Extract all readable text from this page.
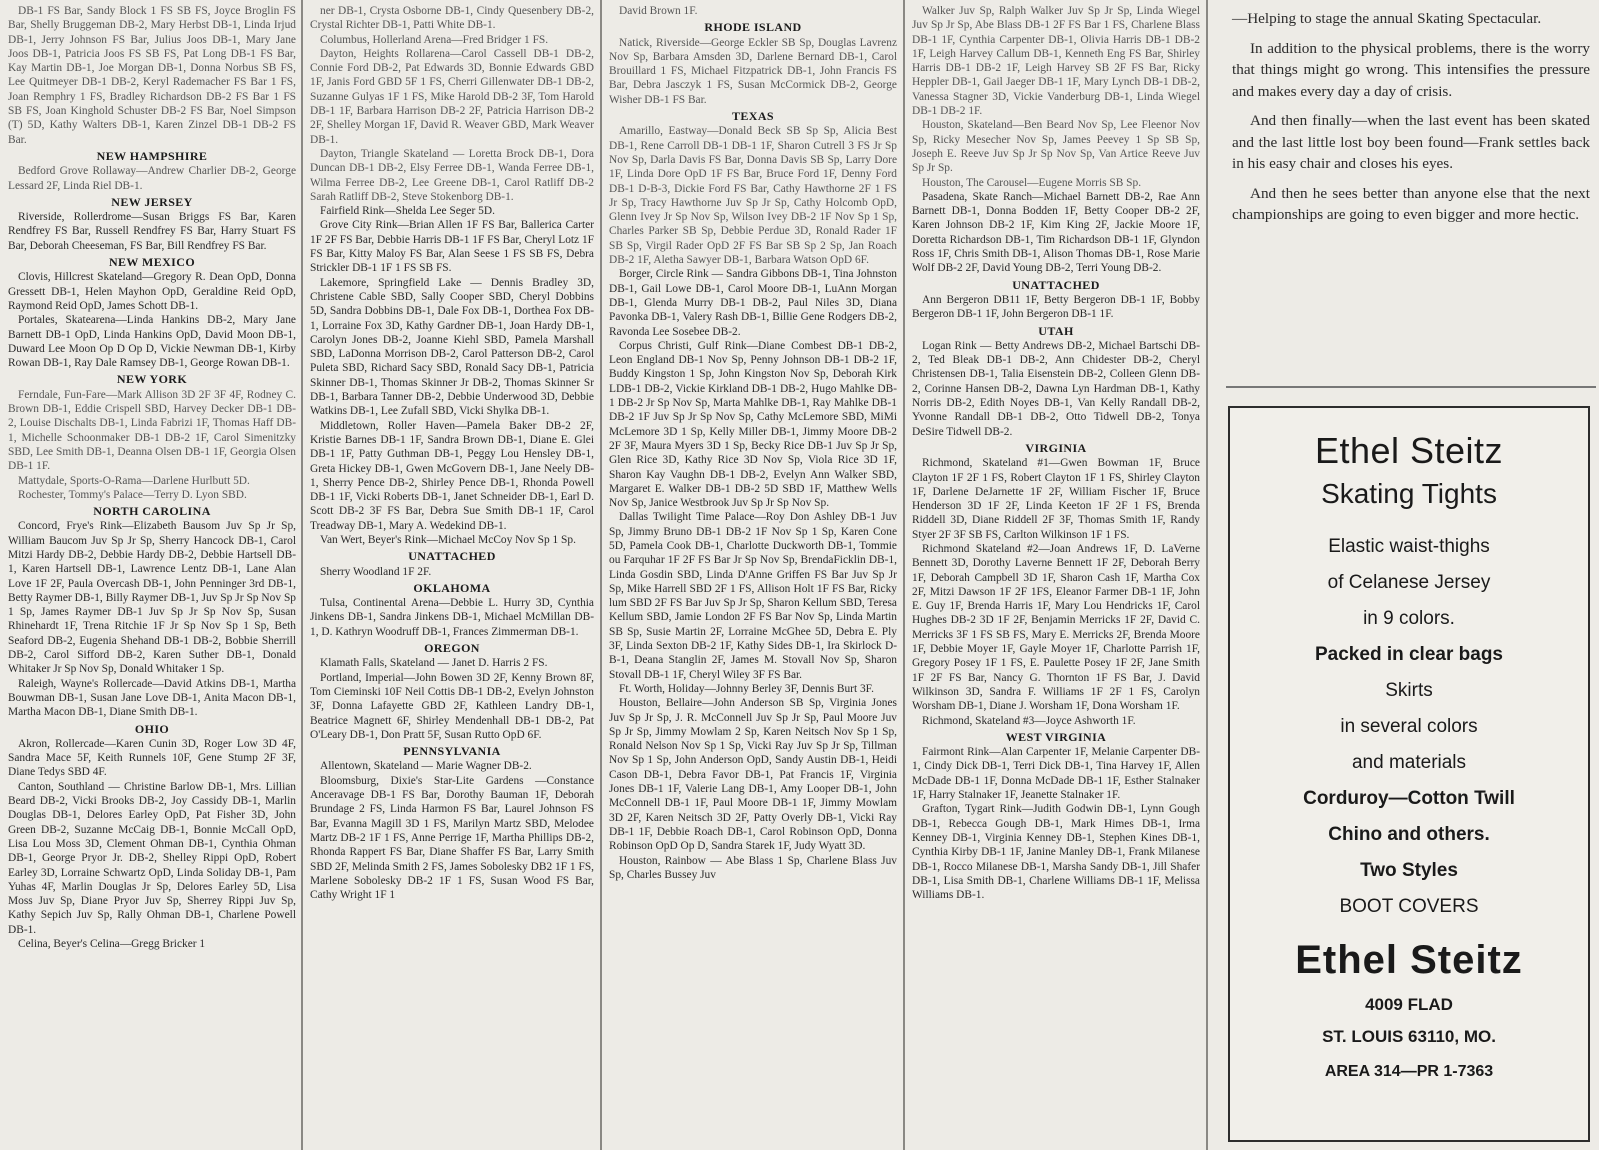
DB-1 FS Bar, Sandy Block 1 FS SB FS, Joyce Broglin FS Bar, Shelly Bruggeman DB-2, Mary Herbst DB-1, Linda Irjud DB-1, Jerry Johnson FS Bar, Julius Joos DB-1, Mary Jane Joos DB-1, Patricia Joos FS SB FS, Pat Long DB-1 FS Bar, Kay Martin DB-1, Joe Morgan DB-1, Donna Norbus SB FS, Lee Quitmeyer DB-1 DB-2, Keryl Rademacher FS Bar 1 FS, Joan Remphry 1 FS, Bradley Richardson DB-2 FS Bar 1 FS SB FS, Joan Kinghold Schuster DB-2 FS Bar, Noel Simpson (T) 5D, Kathy Walters DB-1, Karen Zinzel DB-1 DB-2 FS Bar.

NEW HAMPSHIRE

Bedford Grove Rollaway—Andrew Charlier DB-2, George Lessard 2F, Linda Riel DB-1.

NEW JERSEY

Riverside, Rollerdrome—Susan Briggs FS Bar, Karen Rendfrey FS Bar, Russell Rendfrey FS Bar, Harry Stuart FS Bar, Deborah Cheeseman, FS Bar, Bill Rendfrey FS Bar.

NEW MEXICO

Clovis, Hillcrest Skateland—Gregory R. Dean OpD, Donna Gressett DB-1, Helen Mayhon OpD, Geraldine Reid OpD, Raymond Reid OpD, James Schott DB-1.

Portales, Skatearena—Linda Hankins DB-2, Mary Jane Barnett DB-1 OpD, Linda Hankins OpD, David Moon DB-1, Duward Lee Moon Op D Op D, Vickie Newman DB-1, Kirby Rowan DB-1, Ray Dale Ramsey DB-1, George Rowan DB-1.

NEW YORK

Ferndale, Fun-Fare—Mark Allison 3D 2F 3F 4F, Rodney C. Brown DB-1, Eddie Crispell SBD, Harvey Decker DB-1 DB-2, Louise Dischalts DB-1, Linda Fabrizi 1F, Thomas Haff DB-1, Michelle Schoonmaker DB-1 DB-2 1F, Carol Simenitzky SBD, Lee Smith DB-1, Deanna Olsen DB-1 1F, Georgia Olsen DB-1 1F.

Mattydale, Sports-O-Rama—Darlene Hurlbutt 5D.

Rochester, Tommy's Palace—Terry D. Lyon SBD.

NORTH CAROLINA

Concord, Frye's Rink—Elizabeth Bausom Juv Sp Jr Sp, William Baucom Juv Sp Jr Sp, Sherry Hancock DB-1, Carol Mitzi Hardy DB-2, Debbie Hardy DB-2, Debbie Hartsell DB-1, Karen Hartsell DB-1, Lawrence Lentz DB-1, Lane Alan Love 1F 2F, Paula Overcash DB-1, John Penninger 3rd DB-1, Betty Raymer DB-1, Billy Raymer DB-1, Juv Sp Jr Sp Nov Sp 1 Sp, James Raymer DB-1 Juv Sp Jr Sp Nov Sp, Susan Rhinehardt 1F, Trena Ritchie 1F Jr Sp Nov Sp 1 Sp, Beth Seaford DB-2, Eugenia Shehand DB-1 DB-2, Bobbie Sherrill DB-2, Carol Sifford DB-2, Karen Suther DB-1, Donald Whitaker Jr Sp Nov Sp, Donald Whitaker 1 Sp.

Raleigh, Wayne's Rollercade—David Atkins DB-1, Martha Bouwman DB-1, Susan Jane Love DB-1, Anita Macon DB-1, Martha Macon DB-1, Diane Smith DB-1.

OHIO

Akron, Rollercade—Karen Cunin 3D, Roger Low 3D 4F, Sandra Mace 5F, Keith Runnels 10F, Gene Stump 2F 3F, Diane Tedys SBD 4F.

Canton, Southland — Christine Barlow DB-1, Mrs. Lillian Beard DB-2, Vicki Brooks DB-2, Joy Cassidy DB-1, Marlin Douglas DB-1, Delores Earley OpD, Pat Fisher 3D, John Green DB-2, Suzanne McCaig DB-1, Bonnie McCall OpD, Lisa Lou Moss 3D, Clement Ohman DB-1, Cynthia Ohman DB-1, George Pryor Jr. DB-2, Shelley Rippi OpD, Robert Earley 3D, Lorraine Schwartz OpD, Linda Soliday DB-1, Pam Yuhas 4F, Marlin Douglas Jr Sp, Delores Earley 5D, Lisa Moss Juv Sp, Diane Pryor Juv Sp, Sherrey Rippi Juv Sp, Kathy Sepich Juv Sp, Rally Ohman DB-1, Charlene Powell DB-1.

Celina, Beyer's Celina—Gregg Bricker 1

ner DB-1, Crysta Osborne DB-1, Cindy Quesenbery DB-2, Crystal Richter DB-1, Patti White DB-1.

Columbus, Hollerland Arena—Fred Bridger 1 FS.

Dayton, Heights Rollarena—Carol Cassell DB-1 DB-2, Connie Ford DB-2, Pat Edwards 3D, Bonnie Edwards GBD 1F, Janis Ford GBD 5F 1 FS, Cherri Gillenwater DB-1 DB-2, Suzanne Gulyas 1F 1 FS, Mike Harold DB-2 3F, Tom Harold DB-1 1F, Barbara Harrison DB-2 2F, Patricia Harrison DB-2 2F, Shelley Morgan 1F, David R. Weaver GBD, Mark Weaver DB-1.

Dayton, Triangle Skateland — Loretta Brock DB-1, Dora Duncan DB-1 DB-2, Elsy Ferree DB-1, Wanda Ferree DB-1, Wilma Ferree DB-2, Lee Greene DB-1, Carol Ratliff DB-2 Sarah Ratliff DB-2, Steve Stokenborg DB-1.

Fairfield Rink—Shelda Lee Seger 5D.

Grove City Rink—Brian Allen 1F FS Bar, Ballerica Carter 1F 2F FS Bar, Debbie Harris DB-1 1F FS Bar, Cheryl Lotz 1F FS Bar, Kitty Maloy FS Bar, Alan Seese 1 FS SB FS, Debra Strickler DB-1 1F 1 FS SB FS.

Lakemore, Springfield Lake — Dennis Bradley 3D, Christene Cable SBD, Sally Cooper SBD, Cheryl Dobbins 5D, Sandra Dobbins DB-1, Dale Fox DB-1, Dorthea Fox DB-1, Lorraine Fox 3D, Kathy Gardner DB-1, Joan Hardy DB-1, Carolyn Jones DB-2, Joanne Kiehl SBD, Pamela Marshall SBD, LaDonna Morrison DB-2, Carol Patterson DB-2, Carol Puleta SBD, Richard Sacy SBD, Ronald Sacy DB-1, Patricia Skinner DB-1, Thomas Skinner Jr DB-2, Thomas Skinner Sr DB-1, Barbara Tanner DB-2, Debbie Underwood 3D, Debbie Watkins DB-1, Lee Zufall SBD, Vicki Shylka DB-1.

Middletown, Roller Haven—Pamela Baker DB-2 2F, Kristie Barnes DB-1 1F, Sandra Brown DB-1, Diane E. Glei DB-1 1F, Patty Guthman DB-1, Peggy Lou Hensley DB-1, Greta Hickey DB-1, Gwen McGovern DB-1, Jane Neely DB-1, Sherry Pence DB-2, Shirley Pence DB-1, Rhonda Powell DB-1 1F, Vicki Roberts DB-1, Janet Schneider DB-1, Earl D. Scott DB-2 3F FS Bar, Debra Sue Smith DB-1 1F, Carol Treadway DB-1, Mary A. Wedekind DB-1.

Van Wert, Beyer's Rink—Michael McCoy Nov Sp 1 Sp.

UNATTACHED

Sherry Woodland 1F 2F.

OKLAHOMA

Tulsa, Continental Arena—Debbie L. Hurry 3D, Cynthia Jinkens DB-1, Sandra Jinkens DB-1, Michael McMillan DB-1, D. Kathryn Woodruff DB-1, Frances Zimmerman DB-1.

OREGON

Klamath Falls, Skateland — Janet D. Harris 2 FS.

Portland, Imperial—John Bowen 3D 2F, Kenny Brown 8F, Tom Cieminski 10F Neil Cottis DB-1 DB-2, Evelyn Johnston 3F, Donna Lafayette GBD 2F, Kathleen Landry DB-1, Beatrice Magnett 6F, Shirley Mendenhall DB-1 DB-2, Pat O'Leary DB-1, Don Pratt 5F, Susan Rutto OpD 6F.

PENNSYLVANIA

Allentown, Skateland — Marie Wagner DB-2.

Bloomsburg, Dixie's Star-Lite Gardens —Constance Anceravage DB-1 FS Bar, Dorothy Bauman 1F, Deborah Brundage 2 FS, Linda Harmon FS Bar, Laurel Johnson FS Bar, Evanna Magill 3D 1 FS, Marilyn Martz SBD, Melodee Martz DB-2 1F 1 FS, Anne Perrige 1F, Martha Phillips DB-2, Rhonda Rappert FS Bar, Diane Shaffer FS Bar, Larry Smith SBD 2F, Melinda Smith 2 FS, James Sobolesky DB2 1F 1 FS, Marlene Sobolesky DB-2 1F 1 FS, Susan Wood FS Bar, Cathy Wright 1F 1

David Brown 1F.

RHODE ISLAND

Natick, Riverside—George Eckler SB Sp, Douglas Lavrenz Nov Sp, Barbara Amsden 3D, Darlene Bernard DB-1, Carol Brouillard 1 FS, Michael Fitzpatrick DB-1, John Francis FS Bar, Debra Jasczyk 1 FS, Susan McCormick DB-2, George Wisher DB-1 FS Bar.

TEXAS

Amarillo, Eastway—Donald Beck SB Sp Sp, Alicia Best DB-1, Rene Carroll DB-1 DB-1 1F, Sharon Cutrell 3 FS Jr Sp Nov Sp, Darla Davis FS Bar, Donna Davis SB Sp, Larry Dore 1F, Linda Dore OpD 1F FS Bar, Bruce Ford 1F, Denny Ford DB-1 D-B-3, Dickie Ford FS Bar, Cathy Hawthorne 2F 1 FS Jr Sp, Tracy Hawthorne Juv Sp Jr Sp, Cathy Holcomb OpD, Glenn Ivey Jr Sp Nov Sp, Wilson Ivey DB-2 1F Nov Sp 1 Sp, Charles Parker SB Sp, Debbie Perdue 3D, Ronald Rader 1F SB Sp, Virgil Rader OpD 2F FS Bar SB Sp 2 Sp, Jan Roach DB-2 1F, Aletha Sawyer DB-1, Barbara Watson OpD 6F.

Borger, Circle Rink — Sandra Gibbons DB-1, Tina Johnston DB-1, Gail Lowe DB-1, Carol Moore DB-1, LuAnn Morgan DB-1, Glenda Murry DB-1 DB-2, Paul Niles 3D, Diana Pavonka DB-1, Valery Rash DB-1, Billie Gene Rodgers DB-2, Ravonda Lee Sosebee DB-2.

Corpus Christi, Gulf Rink—Diane Combest DB-1 DB-2, Leon England DB-1 Nov Sp, Penny Johnson DB-1 DB-2 1F, Buddy Kingston 1 Sp, John Kingston Nov Sp, Deborah Kirk LDB-1 DB-2, Vickie Kirkland DB-1 DB-2, Hugo Mahlke DB-1 DB-2 Jr Sp Nov Sp, Marta Mahlke DB-1, Ray Mahlke DB-1 DB-2 1F Juv Sp Jr Sp Nov Sp, Cathy McLemore SBD, MiMi McLemore 3D 1 Sp, Kelly Miller DB-1, Jimmy Moore DB-2 2F 3F, Maura Myers 3D 1 Sp, Becky Rice DB-1 Juv Sp Jr Sp, Glen Rice 3D, Kathy Rice 3D Nov Sp, Viola Rice 3D 1F, Sharon Kay Vaughn DB-1 DB-2, Evelyn Ann Walker SBD, Margaret E. Walker DB-1 DB-2 5D SBD 1F, Matthew Wells Nov Sp, Janice Westbrook Juv Sp Jr Sp Nov Sp.

Dallas Twilight Time Palace—Roy Don Ashley DB-1 Juv Sp, Jimmy Bruno DB-1 DB-2 1F Nov Sp 1 Sp, Karen Cone 5D, Pamela Cook DB-1, Charlotte Duckworth DB-1, Tommie ou Farquhar 1F 2F FS Bar Jr Sp Nov Sp, BrendaFicklin DB-1, Linda Gosdin SBD, Linda D'Anne Griffen FS Bar Juv Sp Jr Sp, Mike Harrell SBD 2F 1 FS, Allison Holt 1F FS Bar, Ricky lum SBD 2F FS Bar Juv Sp Jr Sp, Sharon Kellum SBD, Teresa Kellum SBD, Jamie London 2F FS Bar Nov Sp, Linda Martin SB Sp, Susie Martin 2F, Lorraine McGhee 5D, Debra E. Ply 3F, Linda Sexton DB-2 1F, Kathy Sides DB-1, Ira Skirlock D-B-1, Deana Stanglin 2F, James M. Stovall Nov Sp, Sharon Stovall DB-1 1F, Cheryl Wiley 3F FS Bar.

Ft. Worth, Holiday—Johnny Berley 3F, Dennis Burt 3F.

Houston, Bellaire—John Anderson SB Sp, Virginia Jones Juv Sp Jr Sp, J. R. McConnell Juv Sp Jr Sp, Paul Moore Juv Sp Jr Sp, Jimmy Mowlam 2 Sp, Karen Neitsch Nov Sp 1 Sp, Ronald Nelson Nov Sp 1 Sp, Vicki Ray Juv Sp Jr Sp, Tillman Nov Sp 1 Sp, John Anderson OpD, Sandy Austin DB-1, Heidi Cason DB-1, Debra Favor DB-1, Pat Francis 1F, Virginia Jones DB-1 1F, Valerie Lang DB-1, Amy Looper DB-1, John McConnell DB-1 1F, Paul Moore DB-1 1F, Jimmy Mowlam 3D 2F, Karen Neitsch 3D 2F, Patty Overly DB-1, Vicki Ray DB-1 1F, Debbie Roach DB-1, Carol Robinson OpD, Donna Robinson OpD Op D, Sandra Starek 1F, Judy Wyatt 3D.

Houston, Rainbow — Abe Blass 1 Sp, Charlene Blass Juv Sp, Charles Bussey Juv

Walker Juv Sp, Ralph Walker Juv Sp Jr Sp, Linda Wiegel Juv Sp Jr Sp, Abe Blass DB-1 2F FS Bar 1 FS, Charlene Blass DB-1 1F, Cynthia Carpenter DB-1, Olivia Harris DB-1 DB-2 1F, Leigh Harvey Callum DB-1, Kenneth Eng FS Bar, Shirley Harris DB-1 DB-2 1F, Leigh Harvey SB 2F FS Bar, Ricky Heppler DB-1, Gail Jaeger DB-1 1F, Mary Lynch DB-1 DB-2, Vanessa Stagner 3D, Vickie Vanderburg DB-1, Linda Wiegel DB-1 DB-2 1F.

Houston, Skateland—Ben Beard Nov Sp, Lee Fleenor Nov Sp, Ricky Mesecher Nov Sp, James Peevey 1 Sp SB Sp, Joseph E. Reeve Juv Sp Jr Sp Nov Sp, Van Artice Reeve Juv Sp Jr Sp.

Houston, The Carousel—Eugene Morris SB Sp.

Pasadena, Skate Ranch—Michael Barnett DB-2, Rae Ann Barnett DB-1, Donna Bodden 1F, Betty Cooper DB-2 2F, Karen Johnson DB-2 1F, Kim King 2F, Jackie Moore 1F, Doretta Richardson DB-1, Tim Richardson DB-1 1F, Glyndon Ross 1F, Chris Smith DB-1, Alison Thomas DB-1, Rose Marie Wolf DB-2 2F, David Young DB-2, Terri Young DB-2.

UNATTACHED

Ann Bergeron DB11 1F, Betty Bergeron DB-1 1F, Bobby Bergeron DB-1 1F, John Bergeron DB-1 1F.

UTAH

Logan Rink — Betty Andrews DB-2, Michael Bartschi DB-2, Ted Bleak DB-1 DB-2, Ann Chidester DB-2, Cheryl Christensen DB-1, Talia Eisenstein DB-2, Colleen Glenn DB-2, Corinne Hansen DB-2, Dawna Lyn Hardman DB-1, Kathy Norris DB-2, Edith Noyes DB-1, Van Kelly Randall DB-2, Yvonne Randall DB-1 DB-2, Otto Tidwell DB-2, Tonya DeSire Tidwell DB-2.

VIRGINIA

Richmond, Skateland #1—Gwen Bowman 1F, Bruce Clayton 1F 2F 1 FS, Robert Clayton 1F 1 FS, Shirley Clayton 1F, Darlene DeJarnette 1F 2F, William Fischer 1F, Bruce Henderson 3D 1F 2F, Linda Keeton 1F 2F 1 FS, Brenda Riddell 3D, Diane Riddell 2F 3F, Thomas Smith 1F, Randy Styer 2F 3F SB FS, Carlton Wilkinson 1F 1 FS.

Richmond Skateland #2—Joan Andrews 1F, D. LaVerne Bennett 3D, Dorothy Laverne Bennett 1F 2F, Deborah Berry 1F, Deborah Campbell 3D 1F, Sharon Cash 1F, Martha Cox 2F, Mitzi Dawson 1F 2F 1FS, Eleanor Farmer DB-1 1F, John E. Guy 1F, Brenda Harris 1F, Mary Lou Hendricks 1F, Carol Hughes DB-2 3D 1F 2F, Benjamin Merricks 1F 2F, David C. Merricks 3F 1 FS SB FS, Mary E. Merricks 2F, Brenda Moore 1F, Debbie Moyer 1F, Gayle Moyer 1F, Charlotte Parrish 1F, Gregory Posey 1F 1 FS, E. Paulette Posey 1F 2F, Jane Smith 1F 2F FS Bar, Nancy G. Thornton 1F FS Bar, J. David Wilkinson 3D, Sandra F. Williams 1F 2F 1 FS, Carolyn Worsham DB-1, Diane J. Worsham 1F, Dona Worsham 1F.

Richmond, Skateland #3—Joyce Ashworth 1F.

WEST VIRGINIA

Fairmont Rink—Alan Carpenter 1F, Melanie Carpenter DB-1, Cindy Dick DB-1, Terri Dick DB-1, Tina Harvey 1F, Allen McDade DB-1 1F, Donna McDade DB-1 1F, Esther Stalnaker 1F, Harry Stalnaker 1F, Jeanette Stalnaker 1F.

Grafton, Tygart Rink—Judith Godwin DB-1, Lynn Gough DB-1, Rebecca Gough DB-1, Mark Himes DB-1, Irma Kenney DB-1, Virginia Kenney DB-1, Stephen Kines DB-1, Cynthia Kirby DB-1 1F, Janine Manley DB-1, Frank Milanese DB-1, Rocco Milanese DB-1, Marsha Sandy DB-1, Jill Shafer DB-1, Lisa Smith DB-1, Charlene Williams DB-1 1F, Melissa Williams DB-1.

—Helping to stage the annual Skating Spectacular.

In addition to the physical problems, there is the worry that things might go wrong. This intensifies the pressure and makes every day a day of crisis.

And then finally—when the last event has been skated and the last little lost boy been found—Frank settles back in his easy chair and closes his eyes.

And then he sees better than anyone else that the next championships are going to even bigger and more hectic.

Ethel Steitz
Skating Tights
Elastic waist-thighs
of Celanese Jersey
in 9 colors.
Packed in clear bags
Skirts
in several colors
and materials
Corduroy—Cotton Twill
Chino and others.
Two Styles
BOOT COVERS
Ethel Steitz
4009 FLAD
ST. LOUIS 63110, MO.
AREA 314—PR 1-7363
